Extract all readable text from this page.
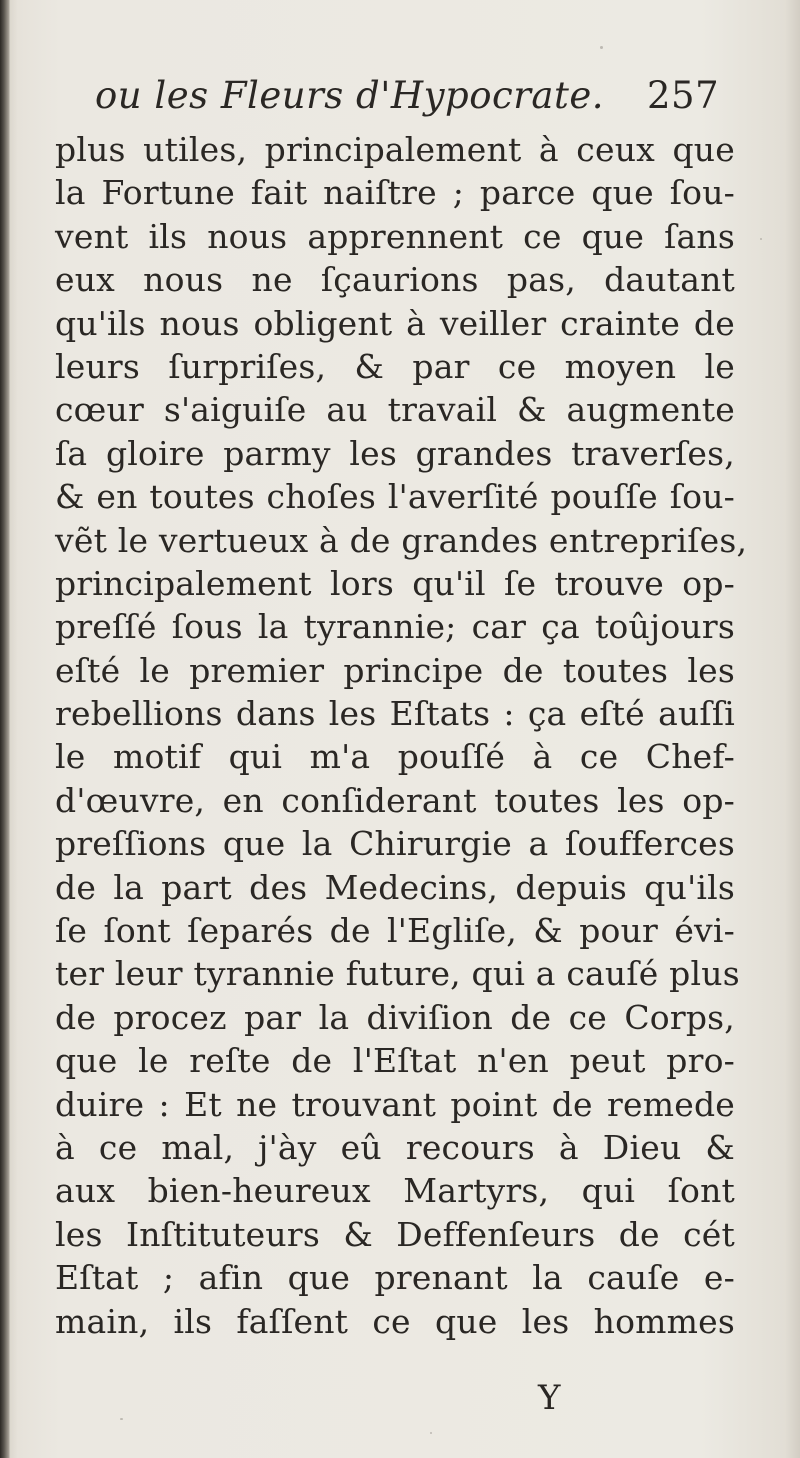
ou les Fleurs d'Hypocrate. 257
plus utiles, principalement à ceux que
la Fortune fait naiſtre ; parce que ſou-
vent ils nous apprennent ce que ſans
eux nous ne ſçaurions pas, dautant
qu'ils nous obligent à veiller crainte de
leurs ſurpriſes, & par ce moyen le
cœur s'aiguiſe au travail & augmente
ſa gloire parmy les grandes traverſes,
& en toutes choſes l'averſité pouſſe ſou-
vẽt le vertueux à de grandes entrepriſes,
principalement lors qu'il ſe trouve op-
preſſé ſous la tyrannie; car ça toûjours
eſté le premier principe de toutes les
rebellions dans les Eſtats : ça eſté auſſi
le motif qui m'a pouſſé à ce Chef-
d'œuvre, en conſiderant toutes les op-
preſſions que la Chirurgie a ſoufferces
de la part des Medecins, depuis qu'ils
ſe ſont ſeparés de l'Egliſe, & pour évi-
ter leur tyrannie future, qui a cauſé plus
de procez par la diviſion de ce Corps,
que le reſte de l'Eſtat n'en peut pro-
duire : Et ne trouvant point de remede
à ce mal, j'ày eû recours à Dieu &
aux bien-heureux Martyrs, qui ſont
les Inſtituteurs & Deffenſeurs de cét
Eſtat ; afin que prenant la cauſe e-
main, ils faſſent ce que les hommes
Y
